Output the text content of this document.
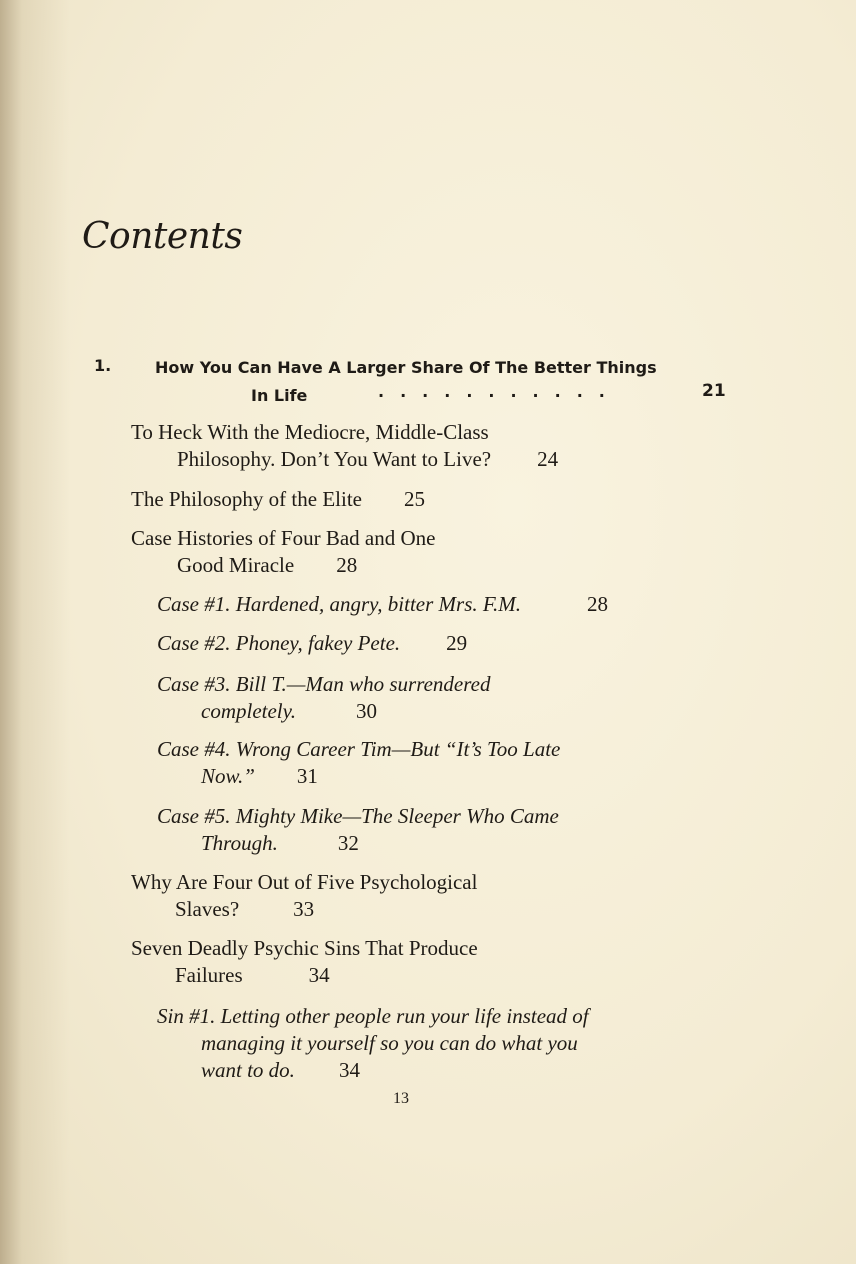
Contents
1.	How You Can Have A Larger Share Of The Better Things
In Life	...........	21
To Heck With the Mediocre, Middle-Class
Philosophy. Don’t You Want to Live? 24
The Philosophy of the Elite 25
Case Histories of Four Bad and One
Good Miracle 28
Case #1. Hardened, angry, bitter Mrs. F.M.	28
Case #2. Phoney, fakey Pete. 29
Case #3. Bill T.—Man who surrendered
completely.	30
Case #4. Wrong Career Tim—But “It’s Too Late
Now.” 31
Case #5. Mighty Mike—The Sleeper Who Came
Through.	32
Why Are Four Out of Five Psychological
Slaves?	33
Seven Deadly Psychic Sins That Produce
Failures	34
Sin #1. Letting other people run your life instead of
managing it yourself so you can do what you
want to do. 34
13
